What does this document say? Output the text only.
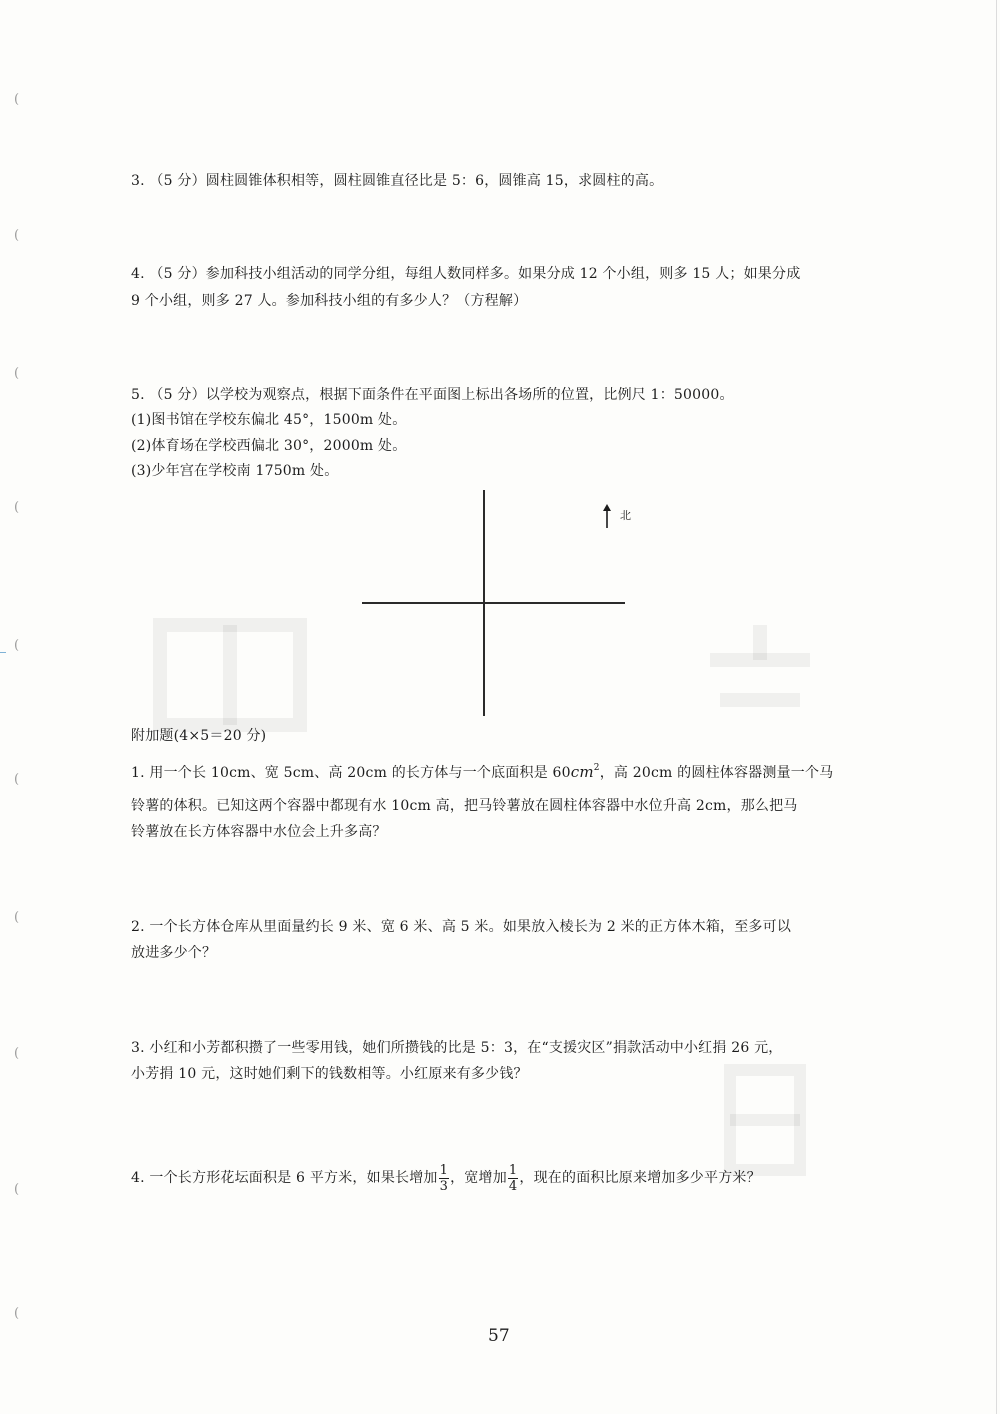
(
(
(
(
(
(
(
(
(
(
3. （5 分）圆柱圆锥体积相等，圆柱圆锥直径比是 5：6，圆锥高 15，求圆柱的高。
4. （5 分）参加科技小组活动的同学分组，每组人数同样多。如果分成 12 个小组，则多 15 人；如果分成
9 个小组，则多 27 人。参加科技小组的有多少人？（方程解）
5. （5 分）以学校为观察点，根据下面条件在平面图上标出各场所的位置，比例尺 1：50000。
(1)图书馆在学校东偏北 45°，1500m 处。
(2)体育场在学校西偏北 30°，2000m 处。
(3)少年宫在学校南 1750m 处。
北
附加题(4×5＝20 分)
1. 用一个长 10cm、宽 5cm、高 20cm 的长方体与一个底面积是 $60cm^2$，高 20cm 的圆柱体容器测量一个马
铃薯的体积。已知这两个容器中都现有水 10cm 高，把马铃薯放在圆柱体容器中水位升高 2cm，那么把马
铃薯放在长方体容器中水位会上升多高？
2. 一个长方体仓库从里面量约长 9 米、宽 6 米、高 5 米。如果放入棱长为 2 米的正方体木箱，至多可以
放进多少个？
3. 小红和小芳都积攒了一些零用钱，她们所攒钱的比是 5：3，在“支援灾区”捐款活动中小红捐 26 元，
小芳捐 10 元，这时她们剩下的钱数相等。小红原来有多少钱？
4. 一个长方形花坛面积是 6 平方米，如果长增加 $\frac{1}{3}$ ，宽增加 $\frac{1}{4}$ ，现在的面积比原来增加多少平方米？
57
